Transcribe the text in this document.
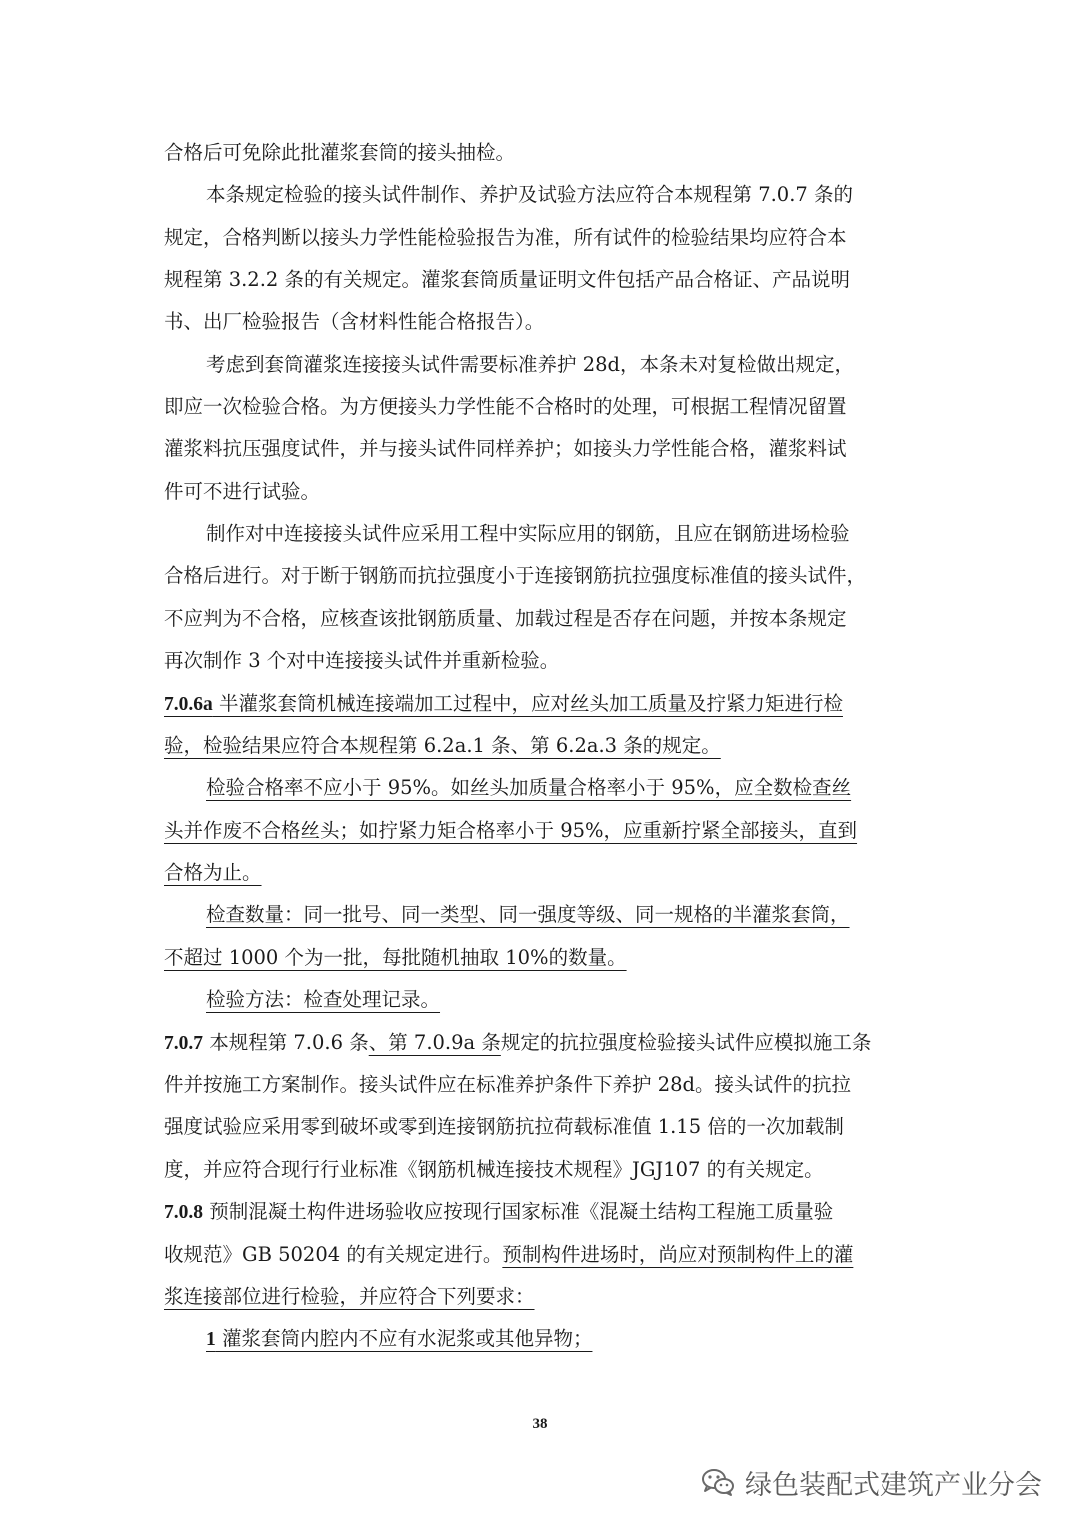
合格后可免除此批灌浆套筒的接头抽检。
本条规定检验的接头试件制作、养护及试验方法应符合本规程第 7.0.7 条的
规定，合格判断以接头力学性能检验报告为准，所有试件的检验结果均应符合本
规程第 3.2.2 条的有关规定。灌浆套筒质量证明文件包括产品合格证、产品说明
书、出厂检验报告（含材料性能合格报告）。
考虑到套筒灌浆连接接头试件需要标准养护 28d，本条未对复检做出规定，
即应一次检验合格。为方便接头力学性能不合格时的处理，可根据工程情况留置
灌浆料抗压强度试件，并与接头试件同样养护；如接头力学性能合格，灌浆料试
件可不进行试验。
制作对中连接接头试件应采用工程中实际应用的钢筋，且应在钢筋进场检验
合格后进行。对于断于钢筋而抗拉强度小于连接钢筋抗拉强度标准值的接头试件，
不应判为不合格，应核查该批钢筋质量、加载过程是否存在问题，并按本条规定
再次制作 3 个对中连接接头试件并重新检验。
7.0.6a 半灌浆套筒机械连接端加工过程中，应对丝头加工质量及拧紧力矩进行检
验，检验结果应符合本规程第 6.2a.1 条、第 6.2a.3 条的规定。
检验合格率不应小于 95%。如丝头加质量合格率小于 95%，应全数检查丝
头并作废不合格丝头；如拧紧力矩合格率小于 95%，应重新拧紧全部接头，直到
合格为止。
检查数量：同一批号、同一类型、同一强度等级、同一规格的半灌浆套筒，
不超过 1000 个为一批，每批随机抽取 10%的数量。
检验方法：检查处理记录。
7.0.7 本规程第 7.0.6 条、第 7.0.9a 条规定的抗拉强度检验接头试件应模拟施工条
件并按施工方案制作。接头试件应在标准养护条件下养护 28d。接头试件的抗拉
强度试验应采用零到破坏或零到连接钢筋抗拉荷载标准值 1.15 倍的一次加载制
度，并应符合现行行业标准《钢筋机械连接技术规程》JGJ107 的有关规定。
7.0.8 预制混凝土构件进场验收应按现行国家标准《混凝土结构工程施工质量验
收规范》GB 50204 的有关规定进行。预制构件进场时，尚应对预制构件上的灌
浆连接部位进行检验，并应符合下列要求：
1 灌浆套筒内腔内不应有水泥浆或其他异物；
38
绿色装配式建筑产业分会
